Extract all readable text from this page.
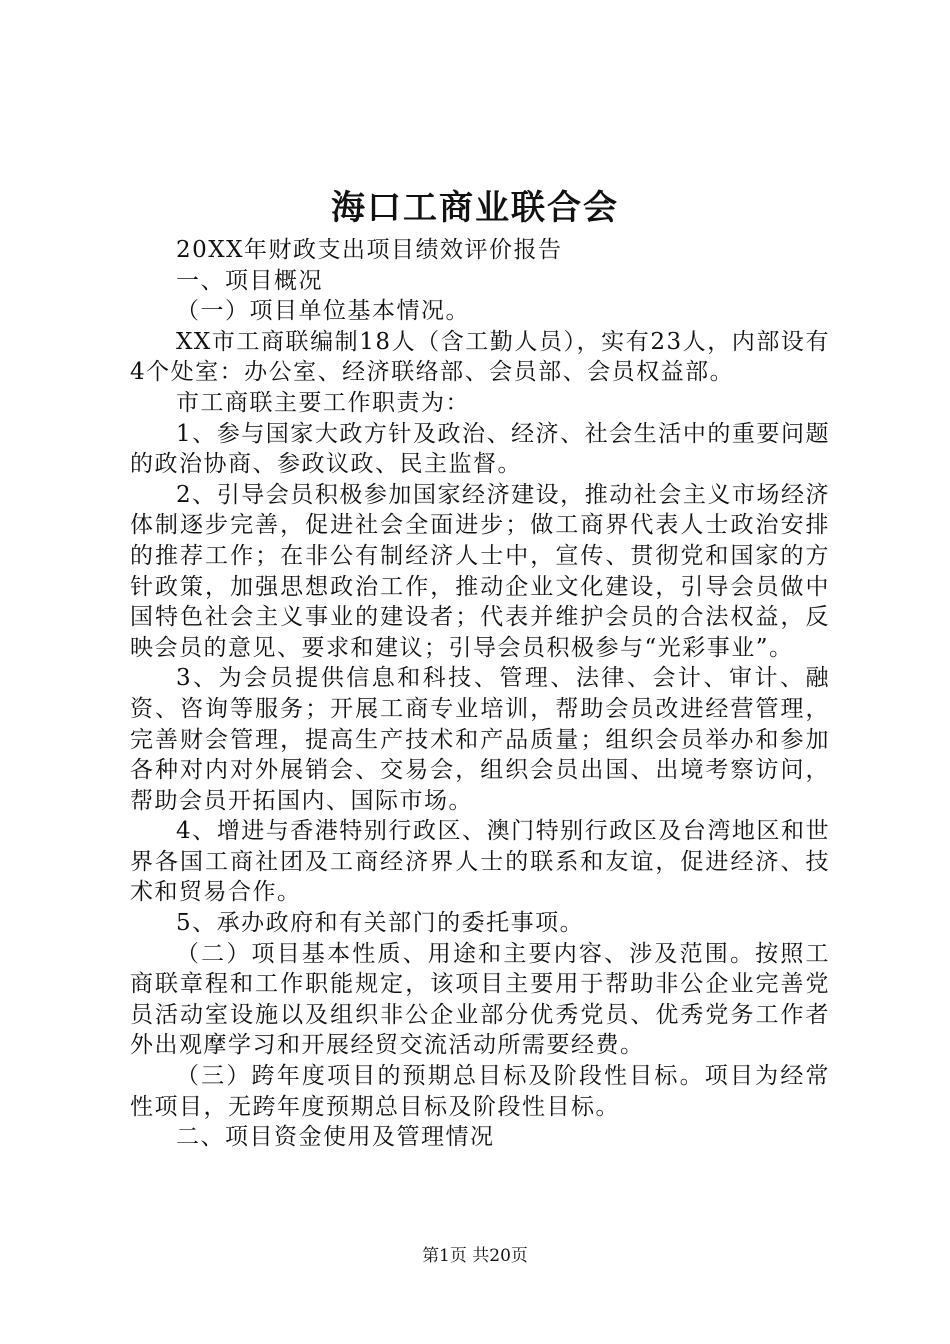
海口工商业联合会

20XX年财政支出项目绩效评价报告

一、项目概况

（一）项目单位基本情况。

XX市工商联编制18人（含工勤人员），实有23人，内部设有4个处室：办公室、经济联络部、会员部、会员权益部。

市工商联主要工作职责为：

1、参与国家大政方针及政治、经济、社会生活中的重要问题的政治协商、参政议政、民主监督。

2、引导会员积极参加国家经济建设，推动社会主义市场经济体制逐步完善，促进社会全面进步；做工商界代表人士政治安排的推荐工作；在非公有制经济人士中，宣传、贯彻党和国家的方针政策，加强思想政治工作，推动企业文化建设，引导会员做中国特色社会主义事业的建设者；代表并维护会员的合法权益，反映会员的意见、要求和建议；引导会员积极参与“光彩事业”。

3、为会员提供信息和科技、管理、法律、会计、审计、融资、咨询等服务；开展工商专业培训，帮助会员改进经营管理，完善财会管理，提高生产技术和产品质量；组织会员举办和参加各种对内对外展销会、交易会，组织会员出国、出境考察访问，帮助会员开拓国内、国际市场。

4、增进与香港特别行政区、澳门特别行政区及台湾地区和世界各国工商社团及工商经济界人士的联系和友谊，促进经济、技术和贸易合作。

5、承办政府和有关部门的委托事项。

（二）项目基本性质、用途和主要内容、涉及范围。按照工商联章程和工作职能规定，该项目主要用于帮助非公企业完善党员活动室设施以及组织非公企业部分优秀党员、优秀党务工作者外出观摩学习和开展经贸交流活动所需要经费。

（三）跨年度项目的预期总目标及阶段性目标。项目为经常性项目，无跨年度预期总目标及阶段性目标。

二、项目资金使用及管理情况

第1页 共20页
